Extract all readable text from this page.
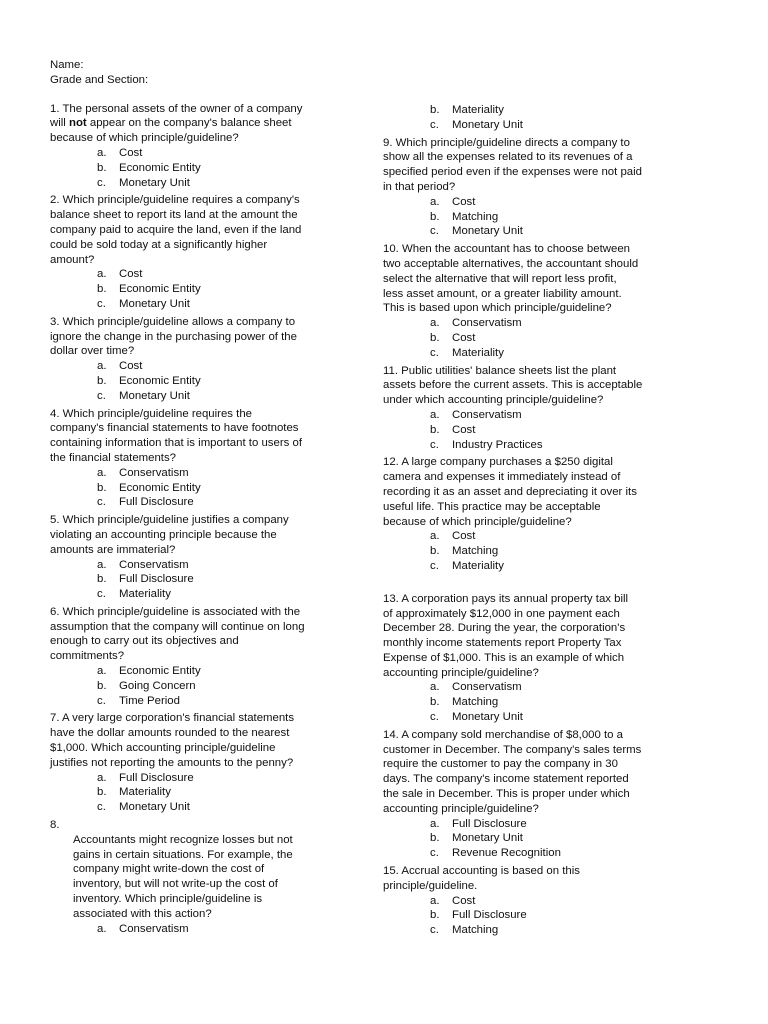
Name:
Grade and Section:
1. The personal assets of the owner of a company
will not appear on the company's balance sheet
because of which principle/guideline?
a. Cost
b. Economic Entity
c. Monetary Unit
2. Which principle/guideline requires a company's
balance sheet to report its land at the amount the
company paid to acquire the land, even if the land
could be sold today at a significantly higher
amount?
a. Cost
b. Economic Entity
c. Monetary Unit
3. Which principle/guideline allows a company to
ignore the change in the purchasing power of the
dollar over time?
a. Cost
b. Economic Entity
c. Monetary Unit
4. Which principle/guideline requires the
company's financial statements to have footnotes
containing information that is important to users of
the financial statements?
a. Conservatism
b. Economic Entity
c. Full Disclosure
5. Which principle/guideline justifies a company
violating an accounting principle because the
amounts are immaterial?
a. Conservatism
b. Full Disclosure
c. Materiality
6. Which principle/guideline is associated with the
assumption that the company will continue on long
enough to carry out its objectives and
commitments?
a. Economic Entity
b. Going Concern
c. Time Period
7. A very large corporation's financial statements
have the dollar amounts rounded to the nearest
$1,000. Which accounting principle/guideline
justifies not reporting the amounts to the penny?
a. Full Disclosure
b. Materiality
c. Monetary Unit
8.
Accountants might recognize losses but not
gains in certain situations. For example, the
company might write-down the cost of
inventory, but will not write-up the cost of
inventory. Which principle/guideline is
associated with this action?
a. Conservatism
b. Materiality
c. Monetary Unit
9. Which principle/guideline directs a company to
show all the expenses related to its revenues of a
specified period even if the expenses were not paid
in that period?
a. Cost
b. Matching
c. Monetary Unit
10. When the accountant has to choose between
two acceptable alternatives, the accountant should
select the alternative that will report less profit,
less asset amount, or a greater liability amount.
This is based upon which principle/guideline?
a. Conservatism
b. Cost
c. Materiality
11. Public utilities' balance sheets list the plant
assets before the current assets. This is acceptable
under which accounting principle/guideline?
a. Conservatism
b. Cost
c. Industry Practices
12. A large company purchases a $250 digital
camera and expenses it immediately instead of
recording it as an asset and depreciating it over its
useful life. This practice may be acceptable
because of which principle/guideline?
a. Cost
b. Matching
c. Materiality
13. A corporation pays its annual property tax bill
of approximately $12,000 in one payment each
December 28. During the year, the corporation's
monthly income statements report Property Tax
Expense of $1,000. This is an example of which
accounting principle/guideline?
a. Conservatism
b. Matching
c. Monetary Unit
14. A company sold merchandise of $8,000 to a
customer in December. The company's sales terms
require the customer to pay the company in 30
days. The company's income statement reported
the sale in December. This is proper under which
accounting principle/guideline?
a. Full Disclosure
b. Monetary Unit
c. Revenue Recognition
15. Accrual accounting is based on this
principle/guideline.
a. Cost
b. Full Disclosure
c. Matching
